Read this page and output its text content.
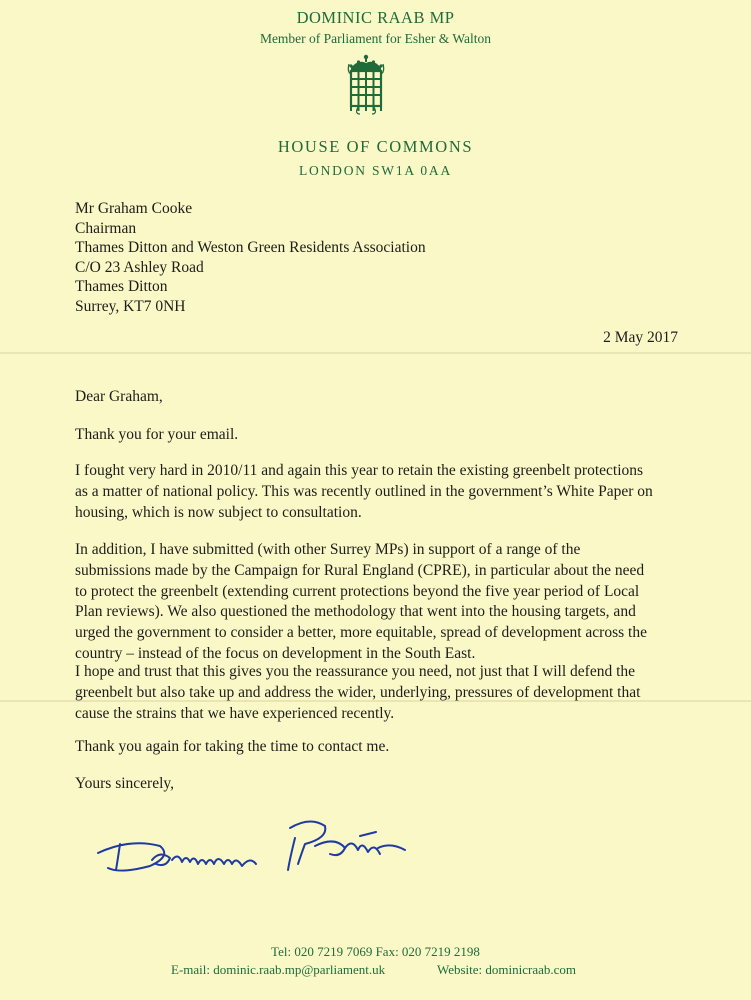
DOMINIC RAAB MP
Member of Parliament for Esher & Walton
HOUSE OF COMMONS
LONDON SW1A 0AA
Mr Graham Cooke
Chairman
Thames Ditton and Weston Green Residents Association
C/O 23 Ashley Road
Thames Ditton
Surrey, KT7 0NH
2 May 2017
Dear Graham,
Thank you for your email.
I fought very hard in 2010/11 and again this year to retain the existing greenbelt protections
as a matter of national policy. This was recently outlined in the government’s White Paper on
housing, which is now subject to consultation.
In addition, I have submitted (with other Surrey MPs) in support of a range of the
submissions made by the Campaign for Rural England (CPRE), in particular about the need
to protect the greenbelt (extending current protections beyond the five year period of Local
Plan reviews). We also questioned the methodology that went into the housing targets, and
urged the government to consider a better, more equitable, spread of development across the
country – instead of the focus on development in the South East.
I hope and trust that this gives you the reassurance you need, not just that I will defend the
greenbelt but also take up and address the wider, underlying, pressures of development that
cause the strains that we have experienced recently.
Thank you again for taking the time to contact me.
Yours sincerely,
Tel: 020 7219 7069 Fax: 020 7219 2198
E-mail: dominic.raab.mp@parliament.uk	Website: dominicraab.com
